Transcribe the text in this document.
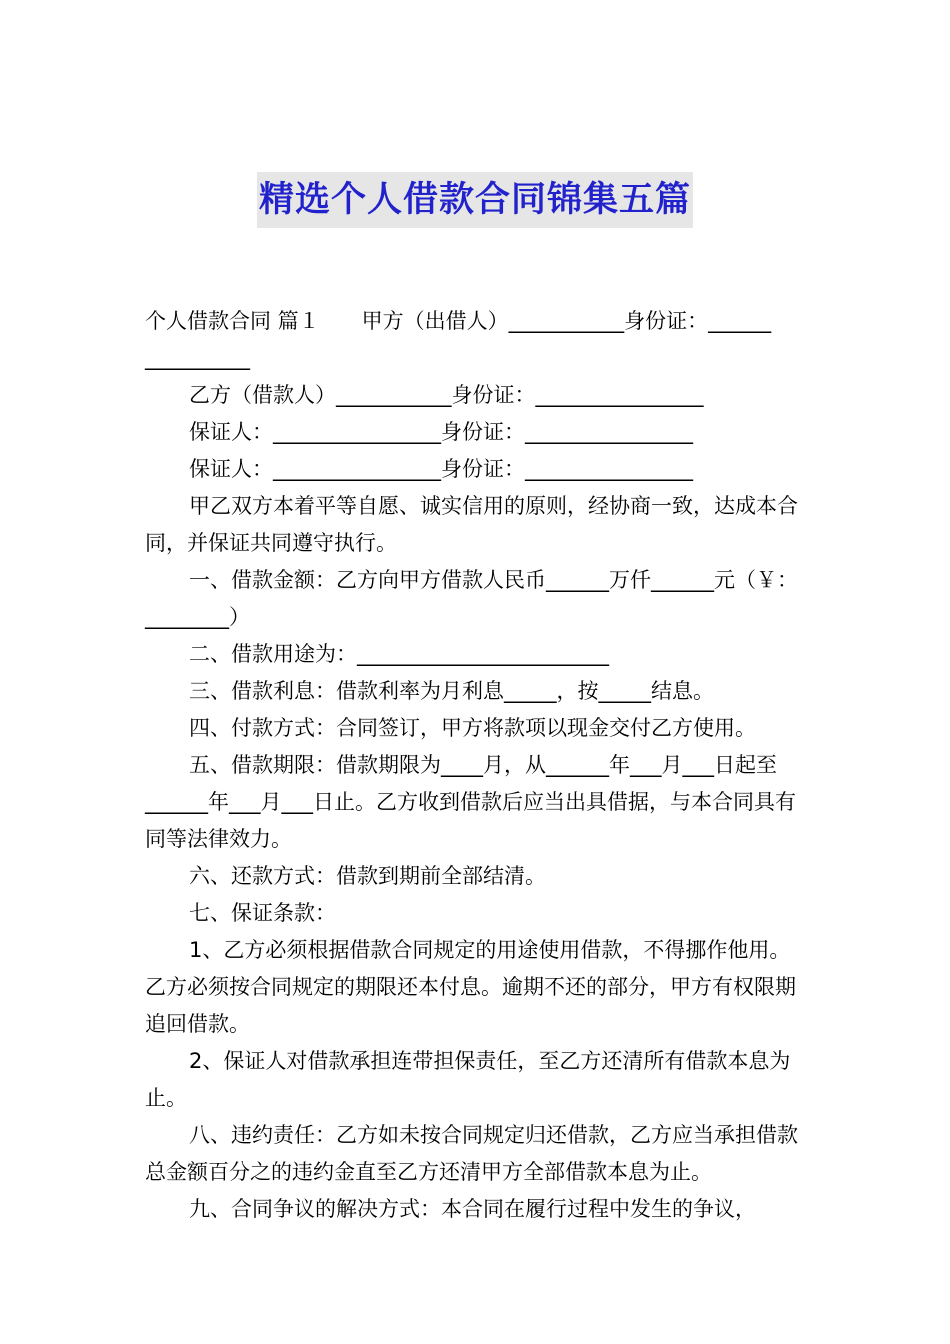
精选个人借款合同锦集五篇

个人借款合同 篇１　　甲方（出借人）___________身份证：______

__________

乙方（借款人）___________身份证：________________

保证人：________________身份证：________________

保证人：________________身份证：________________

甲乙双方本着平等自愿、诚实信用的原则，经协商一致，达成本合同，并保证共同遵守执行。

一、借款金额：乙方向甲方借款人民币______万仟______元（￥：________）

二、借款用途为：________________________

三、借款利息：借款利率为月利息_____，按_____结息。

四、付款方式：合同签订，甲方将款项以现金交付乙方使用。

五、借款期限：借款期限为____月，从______年___月___日起至______年___月___日止。乙方收到借款后应当出具借据，与本合同具有同等法律效力。

六、还款方式：借款到期前全部结清。

七、保证条款：

1、乙方必须根据借款合同规定的用途使用借款，不得挪作他用。乙方必须按合同规定的期限还本付息。逾期不还的部分，甲方有权限期追回借款。

2、保证人对借款承担连带担保责任，至乙方还清所有借款本息为止。

八、违约责任：乙方如未按合同规定归还借款，乙方应当承担借款总金额百分之的违约金直至乙方还清甲方全部借款本息为止。

九、合同争议的解决方式：本合同在履行过程中发生的争议，
